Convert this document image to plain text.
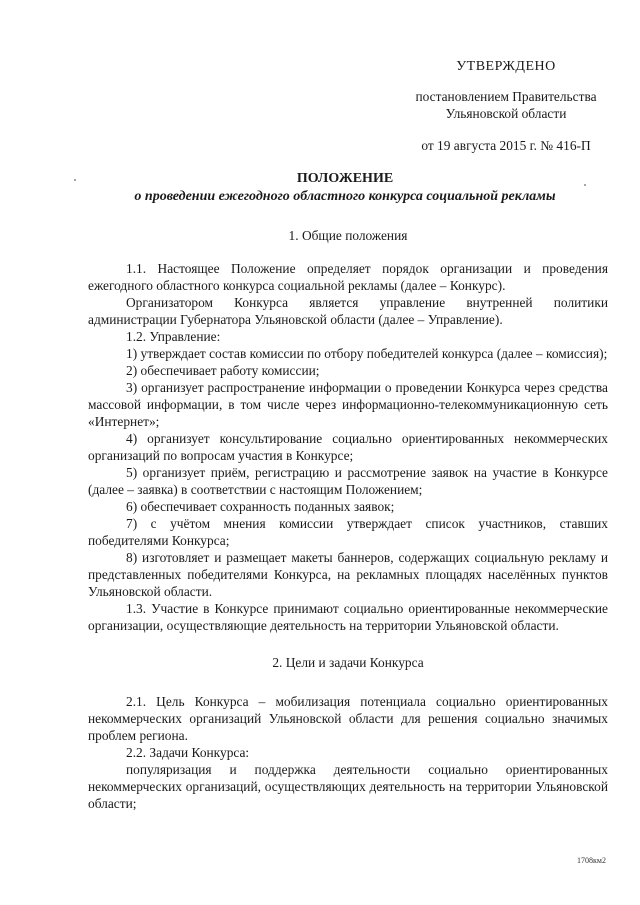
УТВЕРЖДЕНО
постановлением Правительства
Ульяновской области
от 19 августа 2015 г. № 416-П
ПОЛОЖЕНИЕ
о проведении ежегодного областного конкурса социальной рекламы
1. Общие положения

1.1. Настоящее Положение определяет порядок организации и проведения ежегодного областного конкурса социальной рекламы (далее – Конкурс).

Организатором Конкурса является управление внутренней политики администрации Губернатора Ульяновской области (далее – Управление).

1.2. Управление:

1) утверждает состав комиссии по отбору победителей конкурса (далее – комиссия);

2) обеспечивает работу комиссии;

3) организует распространение информации о проведении Конкурса через средства массовой информации, в том числе через информационно-телекоммуникационную сеть «Интернет»;

4) организует консультирование социально ориентированных некоммерческих организаций по вопросам участия в Конкурсе;

5) организует приём, регистрацию и рассмотрение заявок на участие в Конкурсе (далее – заявка) в соответствии с настоящим Положением;

6) обеспечивает сохранность поданных заявок;

7) с учётом мнения комиссии утверждает список участников, ставших победителями Конкурса;

8) изготовляет и размещает макеты баннеров, содержащих социальную рекламу и представленных победителями Конкурса, на рекламных площадях населённых пунктов Ульяновской области.

1.3. Участие в Конкурсе принимают социально ориентированные некоммерческие организации, осуществляющие деятельность на территории Ульяновской области.

2. Цели и задачи Конкурса

2.1. Цель Конкурса – мобилизация потенциала социально ориентированных некоммерческих организаций Ульяновской области для решения социально значимых проблем региона.

2.2. Задачи Конкурса:

популяризация и поддержка деятельности социально ориентированных некоммерческих организаций, осуществляющих деятельность на территории Ульяновской области;

1708км2
